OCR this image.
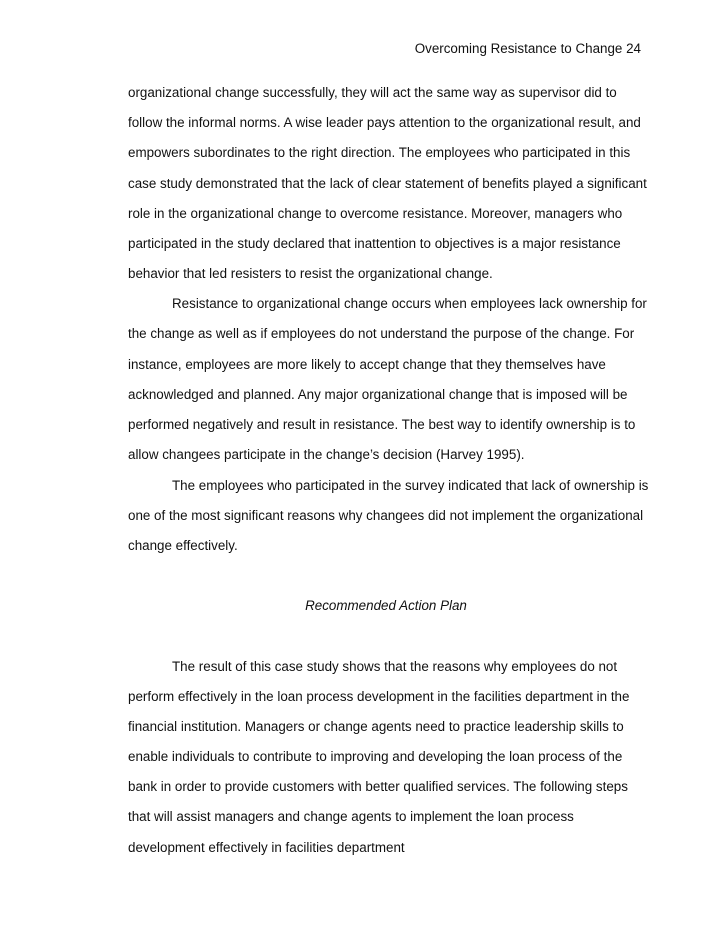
Overcoming Resistance to Change 24
organizational change successfully, they will act the same way as supervisor did to
follow the informal norms. A wise leader pays attention to the organizational result, and
empowers subordinates to the right direction. The employees who participated in this
case study demonstrated that the lack of clear statement of benefits played a significant
role in the organizational change to overcome resistance. Moreover, managers who
participated in the study declared that inattention to objectives is a major resistance
behavior that led resisters to resist the organizational change.
Resistance to organizational change occurs when employees lack ownership for
the change as well as if employees do not understand the purpose of the change. For
instance, employees are more likely to accept change that they themselves have
acknowledged and planned. Any major organizational change that is imposed will be
performed negatively and result in resistance. The best way to identify ownership is to
allow changees participate in the change’s decision (Harvey 1995).
The employees who participated in the survey indicated that lack of ownership is
one of the most significant reasons why changees did not implement the organizational
change effectively.
Recommended Action Plan
The result of this case study shows that the reasons why employees do not
perform effectively in the loan process development in the facilities department in the
financial institution. Managers or change agents need to practice leadership skills to
enable individuals to contribute to improving and developing the loan process of the
bank in order to provide customers with better qualified services. The following steps
that will assist managers and change agents to implement the loan process
development effectively in facilities department
